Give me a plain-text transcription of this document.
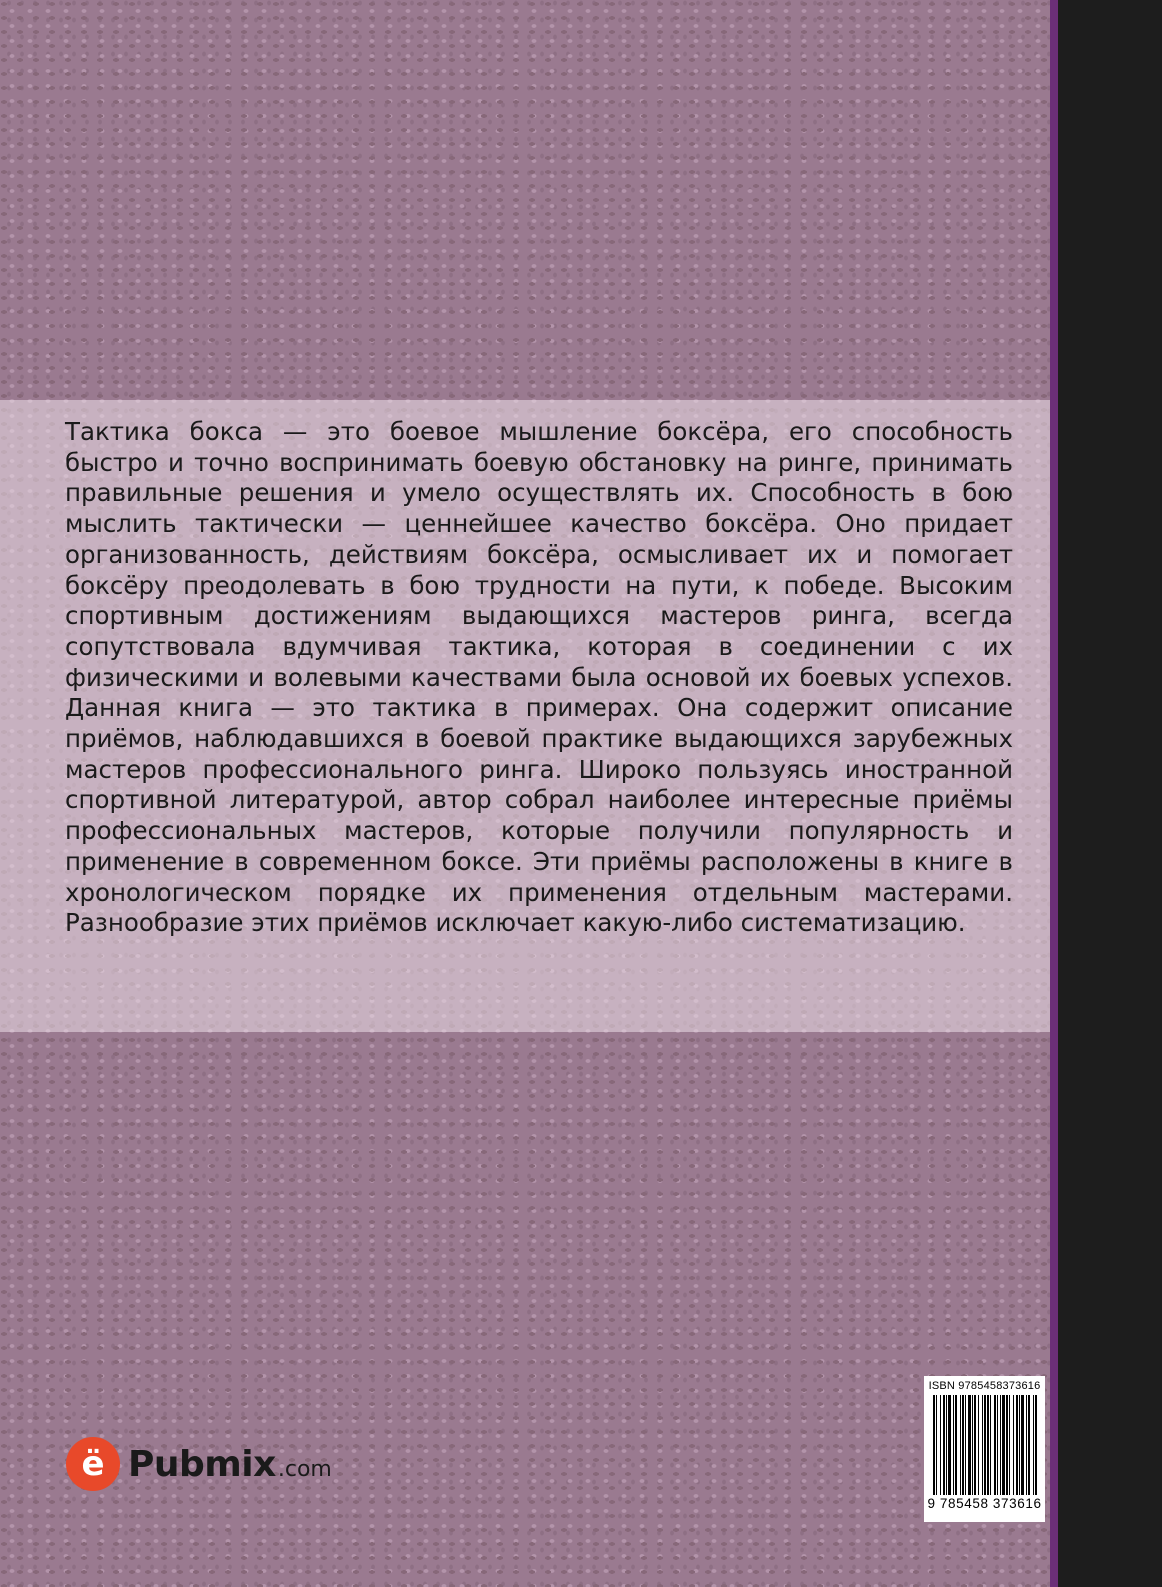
Тактика бокса — это боевое мышление боксёра, его способность быстро и точно воспринимать боевую обстановку на ринге, принимать правильные решения и умело осуществлять их. Способность в бою мыслить тактически — ценнейшее качество боксёра. Оно придает организованность, действиям боксёра, осмысливает их и помогает боксёру преодолевать в бою трудности на пути, к победе. Высоким спортивным достижениям выдающихся мастеров ринга, всегда сопутствовала вдумчивая тактика, которая в соединении с их физическими и волевыми качествами была основой их боевых успехов. Данная книга — это тактика в примерах. Она содержит описание приёмов, наблюдавшихся в боевой практике выдающихся зарубежных мастеров профессионального ринга. Широко пользуясь иностранной спортивной литературой, автор собрал наиболее интересные приёмы профессиональных мастеров, которые получили популярность и применение в современном боксе. Эти приёмы расположены в книге в хронологическом порядке их применения отдельным мастерами. Разнообразие этих приёмов исключает какую-либо систематизацию.

ё Pubmix .com
ISBN 9785458373616
9 785458 373616
